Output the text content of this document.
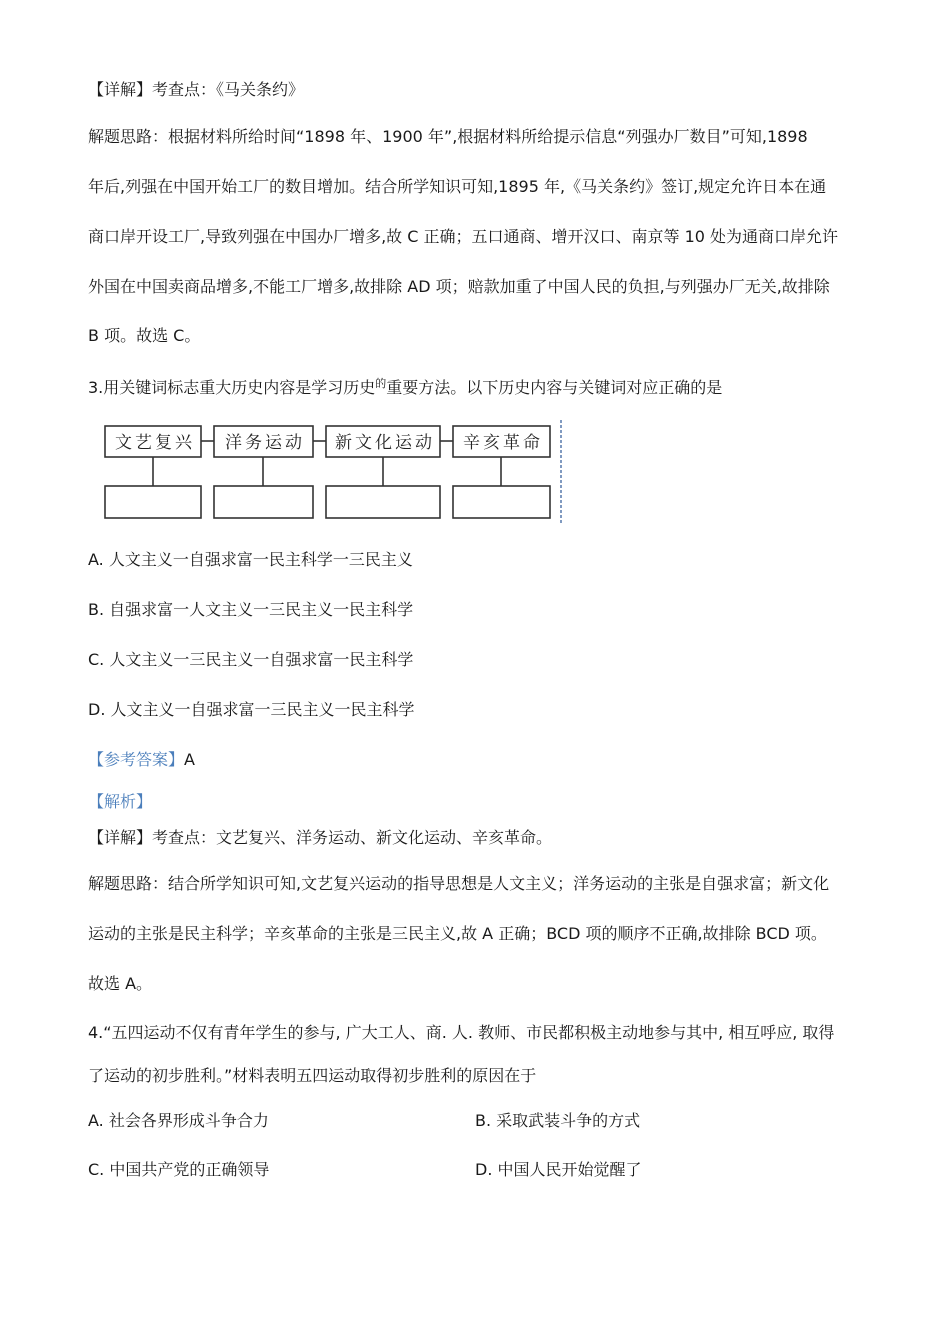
【详解】考查点：《马关条约》
解题思路：根据材料所给时间“1898 年、1900 年”,根据材料所给提示信息“列强办厂数目”可知,1898
年后,列强在中国开始工厂的数目增加。结合所学知识可知,1895 年,《马关条约》签订,规定允许日本在通
商口岸开设工厂,导致列强在中国办厂增多,故 C 正确；五口通商、增开汉口、南京等 10 处为通商口岸允许
外国在中国卖商品增多,不能工厂增多,故排除 AD 项；赔款加重了中国人民的负担,与列强办厂无关,故排除
B 项。故选 C。
3.用关键词标志重大历史内容是学习历史$^的$重要方法。以下历史内容与关键词对应正确的是
文艺复兴 洋务运动 新文化运动 辛亥革命
A. 人文主义一自强求富一民主科学一三民主义
B. 自强求富一人文主义一三民主义一民主科学
C. 人文主义一三民主义一自强求富一民主科学
D. 人文主义一自强求富一三民主义一民主科学
【参考答案】A
【解析】
【详解】考查点：文艺复兴、洋务运动、新文化运动、辛亥革命。
解题思路：结合所学知识可知,文艺复兴运动的指导思想是人文主义；洋务运动的主张是自强求富；新文化
运动的主张是民主科学；辛亥革命的主张是三民主义,故 A 正确；BCD 项的顺序不正确,故排除 BCD 项。
故选 A。
4.“五四运动不仅有青年学生的参与, 广大工人、商. 人. 教师、市民都积极主动地参与其中, 相互呼应, 取得
了运动的初步胜利。”材料表明五四运动取得初步胜利的原因在于
A. 社会各界形成斗争合力	B. 采取武装斗争的方式
C. 中国共产党的正确领导	D. 中国人民开始觉醒了
